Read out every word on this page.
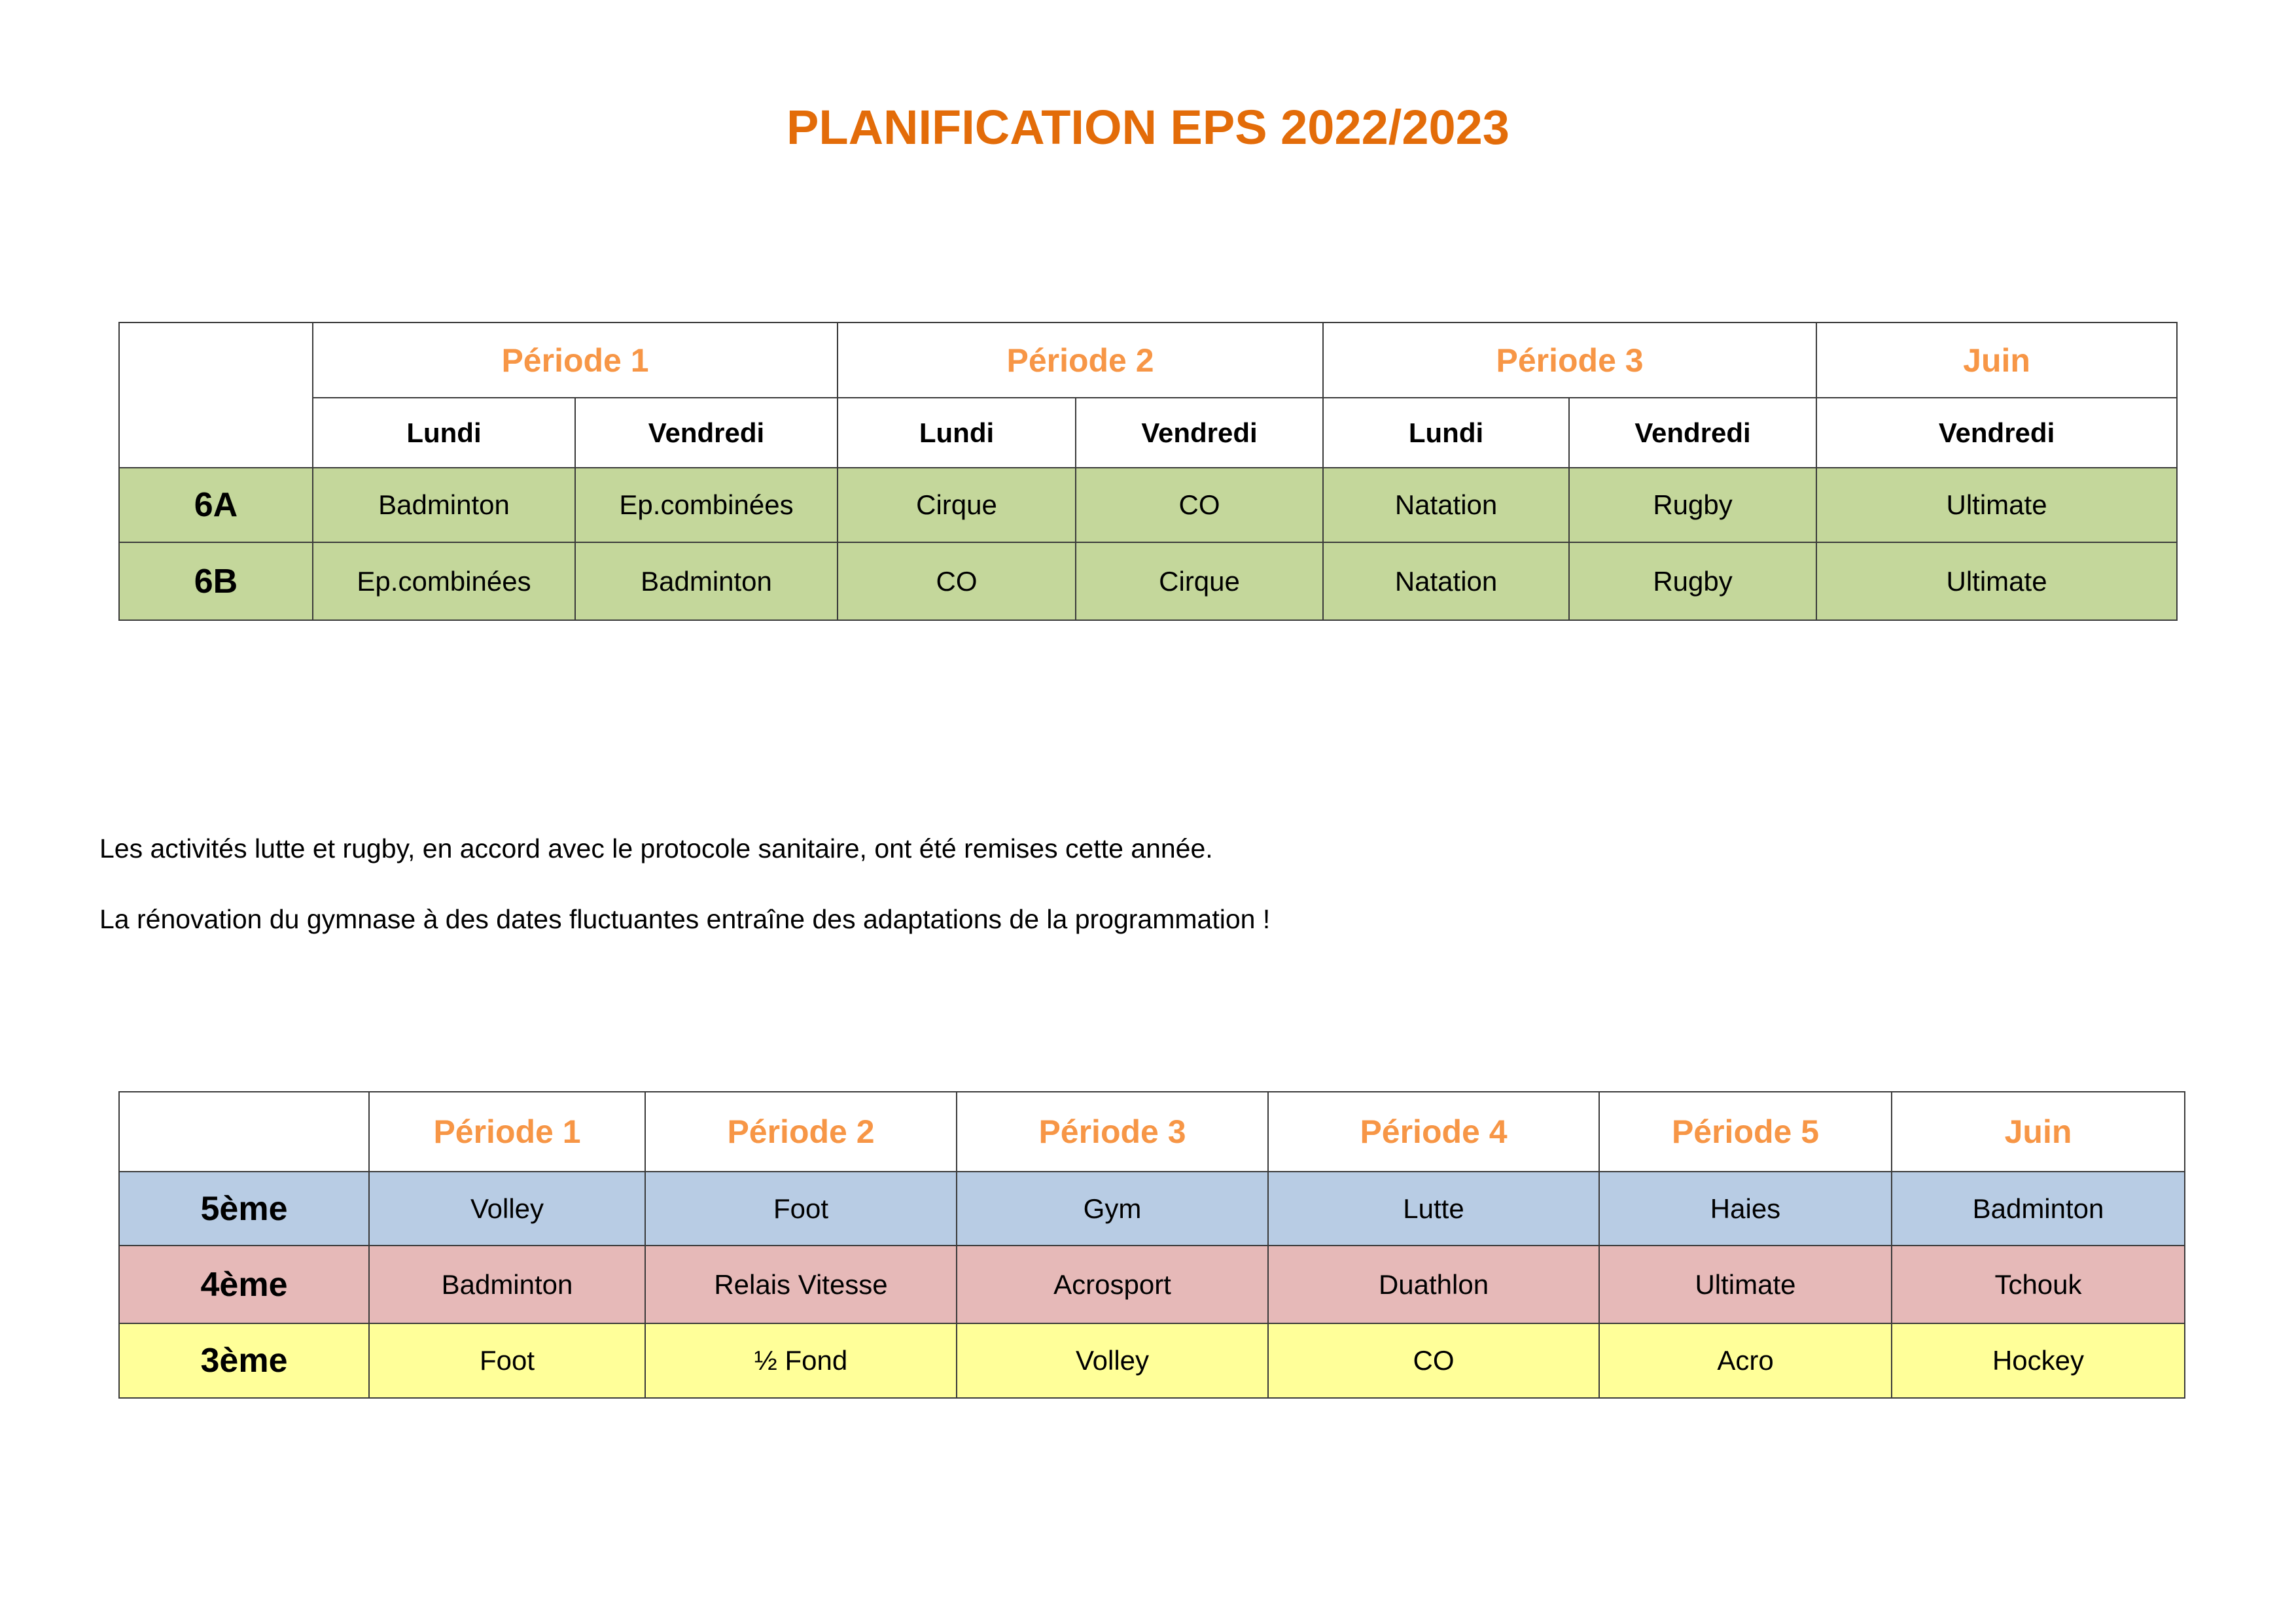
PLANIFICATION EPS 2022/2023
	Période 1		Période 2		Période 3		Juin
	Lundi	Vendredi	Lundi	Vendredi	Lundi	Vendredi	Vendredi
6A	Badminton	Ep.combinées	Cirque	CO	Natation	Rugby	Ultimate
6B	Ep.combinées	Badminton	CO	Cirque	Natation	Rugby	Ultimate
Les activités lutte et rugby, en accord avec le protocole sanitaire, ont été remises cette année.
La rénovation du gymnase à des dates fluctuantes entraîne des adaptations de la programmation !
	Période 1	Période 2	Période 3	Période 4	Période 5	Juin
5ème	Volley	Foot	Gym	Lutte	Haies	Badminton
4ème	Badminton	Relais Vitesse	Acrosport	Duathlon	Ultimate	Tchouk
3ème	Foot	½ Fond	Volley	CO	Acro	Hockey
